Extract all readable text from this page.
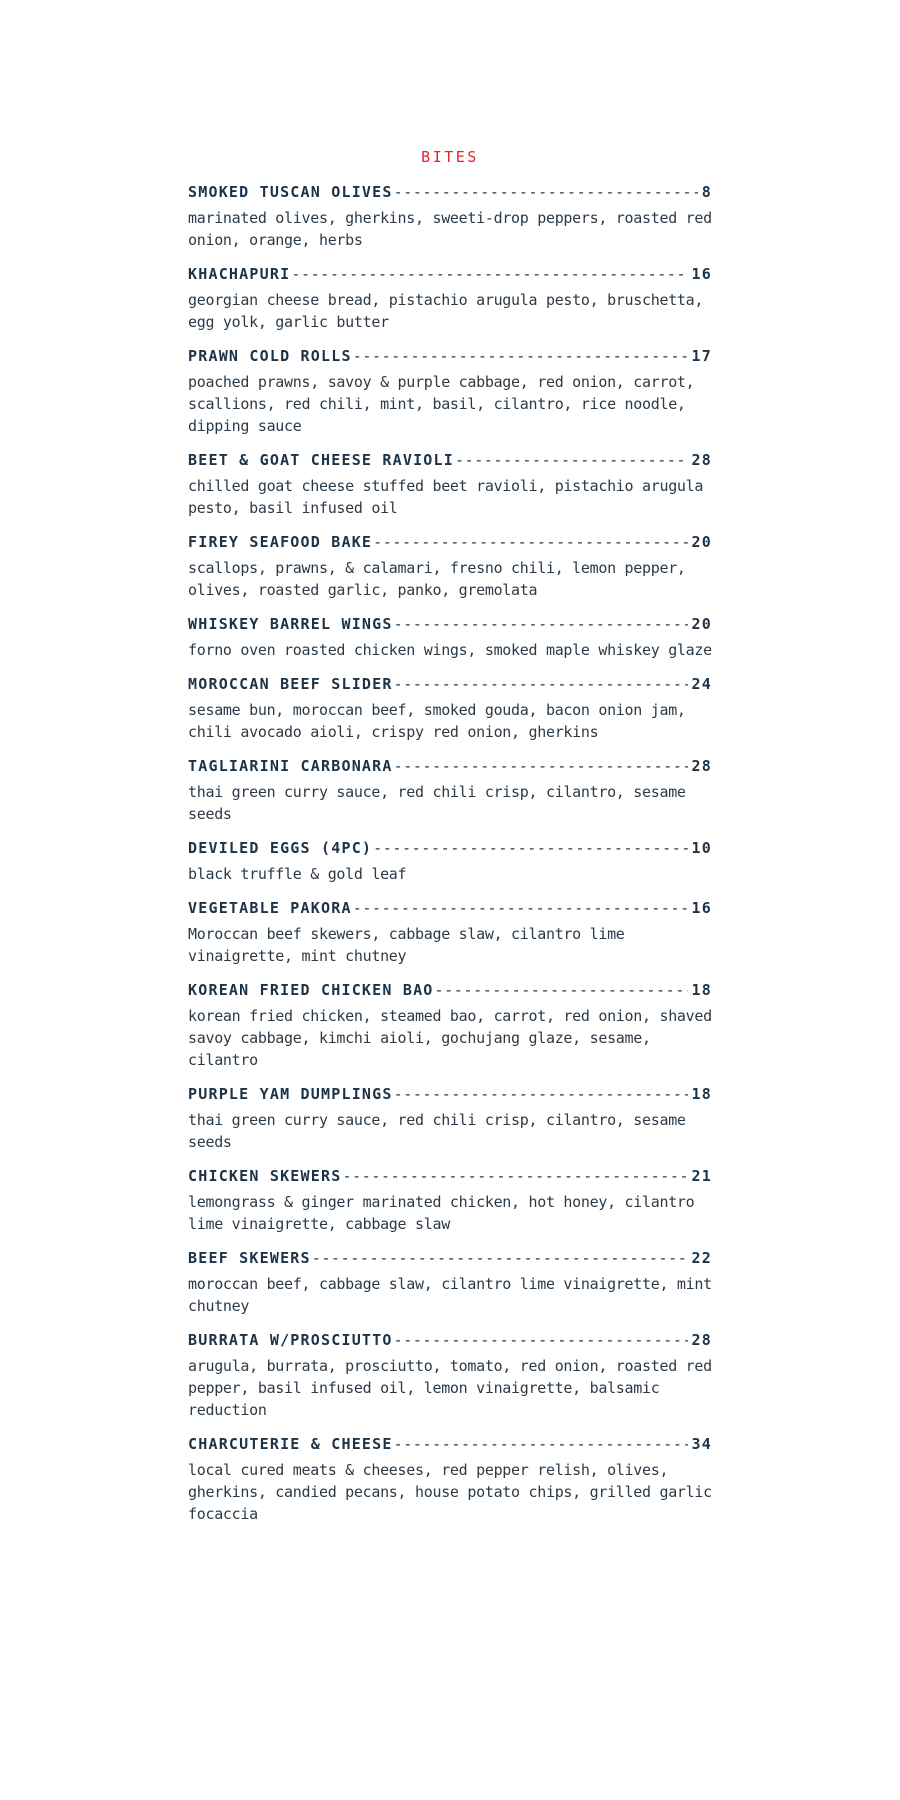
BITES
SMOKED TUSCAN OLIVES -----	8
marinated olives, gherkins, sweeti-drop peppers, roasted red onion, orange, herbs
KHACHAPURI -----	16
georgian cheese bread, pistachio arugula pesto, bruschetta, egg yolk, garlic butter
PRAWN COLD ROLLS -----	17
poached prawns, savoy & purple cabbage, red onion, carrot, scallions, red chili, mint, basil, cilantro, rice noodle, dipping sauce
BEET & GOAT CHEESE RAVIOLI -----	28
chilled goat cheese stuffed beet ravioli, pistachio arugula pesto, basil infused oil
FIREY SEAFOOD BAKE -----	20
scallops, prawns, & calamari, fresno chili, lemon pepper, olives, roasted garlic, panko, gremolata
WHISKEY BARREL WINGS -----	20
forno oven roasted chicken wings, smoked maple whiskey glaze
MOROCCAN BEEF SLIDER -----	24
sesame bun, moroccan beef, smoked gouda, bacon onion jam, chili avocado aioli, crispy red onion, gherkins
TAGLIARINI CARBONARA -----	28
thai green curry sauce, red chili crisp, cilantro, sesame seeds
DEVILED EGGS (4PC) -----	10
black truffle & gold leaf
VEGETABLE PAKORA -----	16
Moroccan beef skewers, cabbage slaw, cilantro lime vinaigrette, mint chutney
KOREAN FRIED CHICKEN BAO -----	18
korean fried chicken, steamed bao, carrot, red onion, shaved savoy cabbage, kimchi aioli, gochujang glaze, sesame, cilantro
PURPLE YAM DUMPLINGS -----	18
thai green curry sauce, red chili crisp, cilantro, sesame seeds
CHICKEN SKEWERS -----	21
lemongrass & ginger marinated chicken, hot honey, cilantro lime vinaigrette, cabbage slaw
BEEF SKEWERS -----	22
moroccan beef, cabbage slaw, cilantro lime vinaigrette, mint chutney
BURRATA W/PROSCIUTTO -----	28
arugula, burrata, prosciutto, tomato, red onion, roasted red pepper, basil infused oil, lemon vinaigrette, balsamic reduction
CHARCUTERIE & CHEESE -----	34
local cured meats & cheeses, red pepper relish, olives, gherkins, candied pecans, house potato chips, grilled garlic focaccia
